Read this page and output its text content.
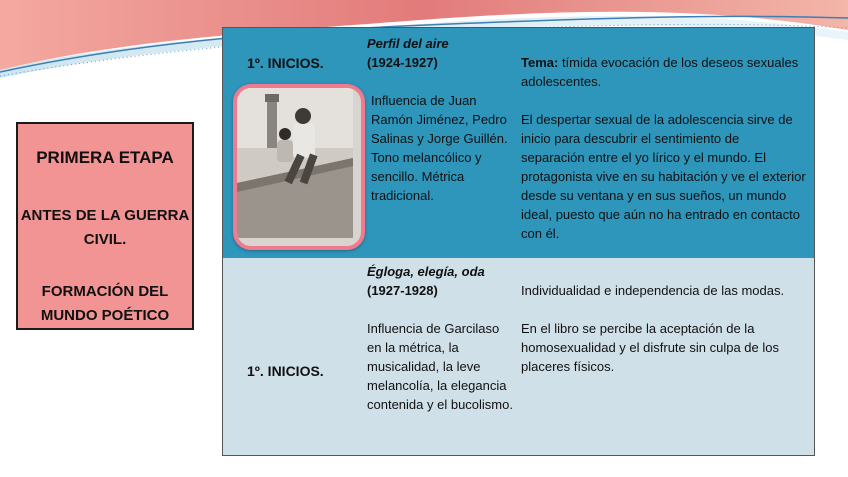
PRIMERA ETAPA
ANTES DE LA GUERRA CIVIL.
FORMACIÓN DEL MUNDO POÉTICO
1º. INICIOS.

Perfil del aire

(1924-1927)

Influencia de Juan Ramón Jiménez, Pedro Salinas y Jorge Guillén. Tono melancólico y sencillo. Métrica tradicional.

Tema: tímida evocación de los deseos sexuales adolescentes.

El despertar sexual de la adolescencia sirve de inicio para descubrir el sentimiento de separación entre el yo lírico y el mundo. El protagonista vive en su habitación y ve el exterior desde su ventana y en sus sueños, un mundo ideal, puesto que aún no ha entrado en contacto con él.

1º. INICIOS.

Égloga, elegía, oda

(1927-1928)

Influencia de Garcilaso en la métrica, la musicalidad, la leve melancolía, la elegancia contenida y el bucolismo.

Individualidad e independencia de las modas.

En el libro se percibe la aceptación de la homosexualidad y el disfrute sin culpa de los placeres físicos.
